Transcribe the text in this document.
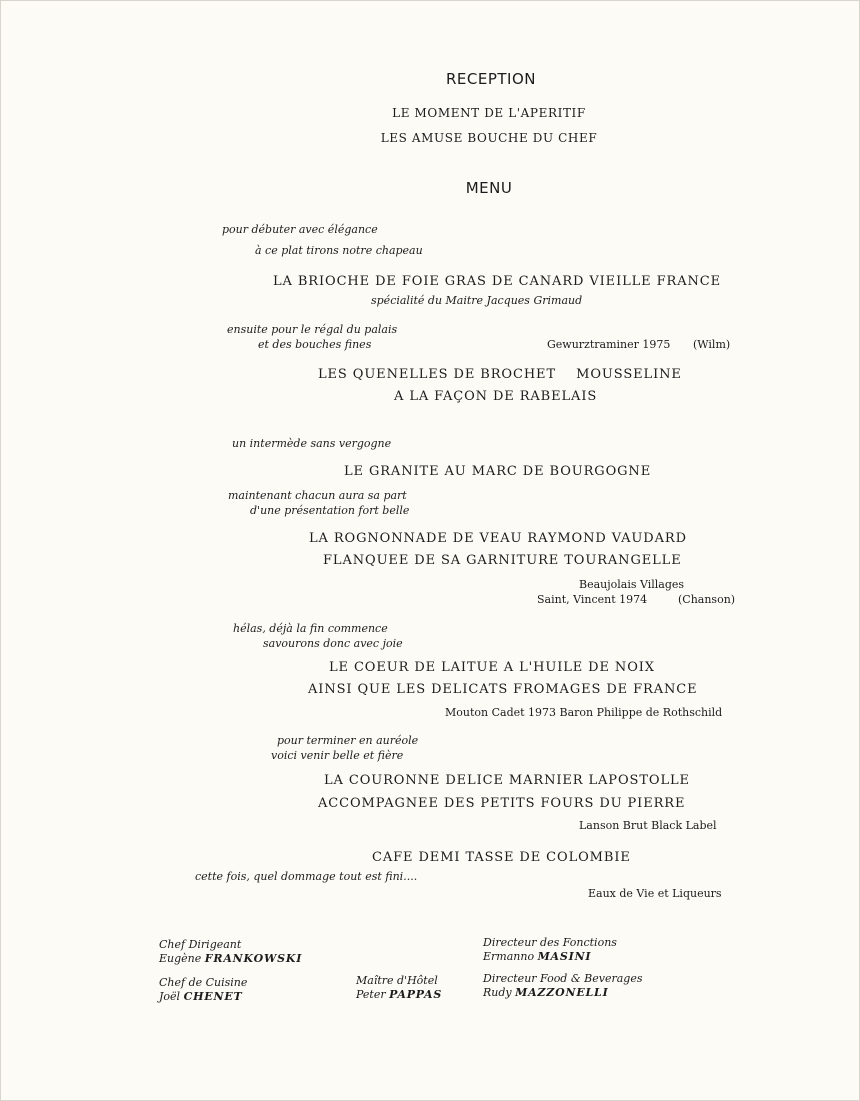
RECEPTION
LE MOMENT DE L'APERITIF
LES AMUSE BOUCHE DU CHEF
MENU
pour débuter avec élégance
à ce plat tirons notre chapeau
LA BRIOCHE DE FOIE GRAS DE CANARD VIEILLE FRANCE
spécialité du Maitre Jacques Grimaud
ensuite pour le régal du palais
et des bouches fines	Gewurztraminer 1975 (Wilm)
LES QUENELLES DE BROCHET    MOUSSELINE
A LA FAÇON DE RABELAIS
un intermède sans vergogne
LE GRANITE AU MARC DE BOURGOGNE
maintenant chacun aura sa part
d'une présentation fort belle
LA ROGNONNADE DE VEAU RAYMOND VAUDARD
FLANQUEE DE SA GARNITURE TOURANGELLE
Beaujolais Villages
Saint, Vincent 1974	(Chanson)
hélas, déjà la fin commence
savourons donc avec joie
LE COEUR DE LAITUE A L'HUILE DE NOIX
AINSI QUE LES DELICATS FROMAGES DE FRANCE
Mouton Cadet 1973 Baron Philippe de Rothschild
pour terminer en auréole
voici venir belle et fière
LA COURONNE DELICE MARNIER LAPOSTOLLE
ACCOMPAGNEE DES PETITS FOURS DU PIERRE
Lanson Brut Black Label
CAFE DEMI TASSE DE COLOMBIE
cette fois, quel dommage tout est fini....
Eaux de Vie et Liqueurs
Chef Dirigeant
Eugène FRANKOWSKI
Chef de Cuisine
Joël CHENET
Maître d'Hôtel
Peter PAPPAS
Directeur des Fonctions
Ermanno MASINI
Directeur Food & Beverages
Rudy MAZZONELLI
